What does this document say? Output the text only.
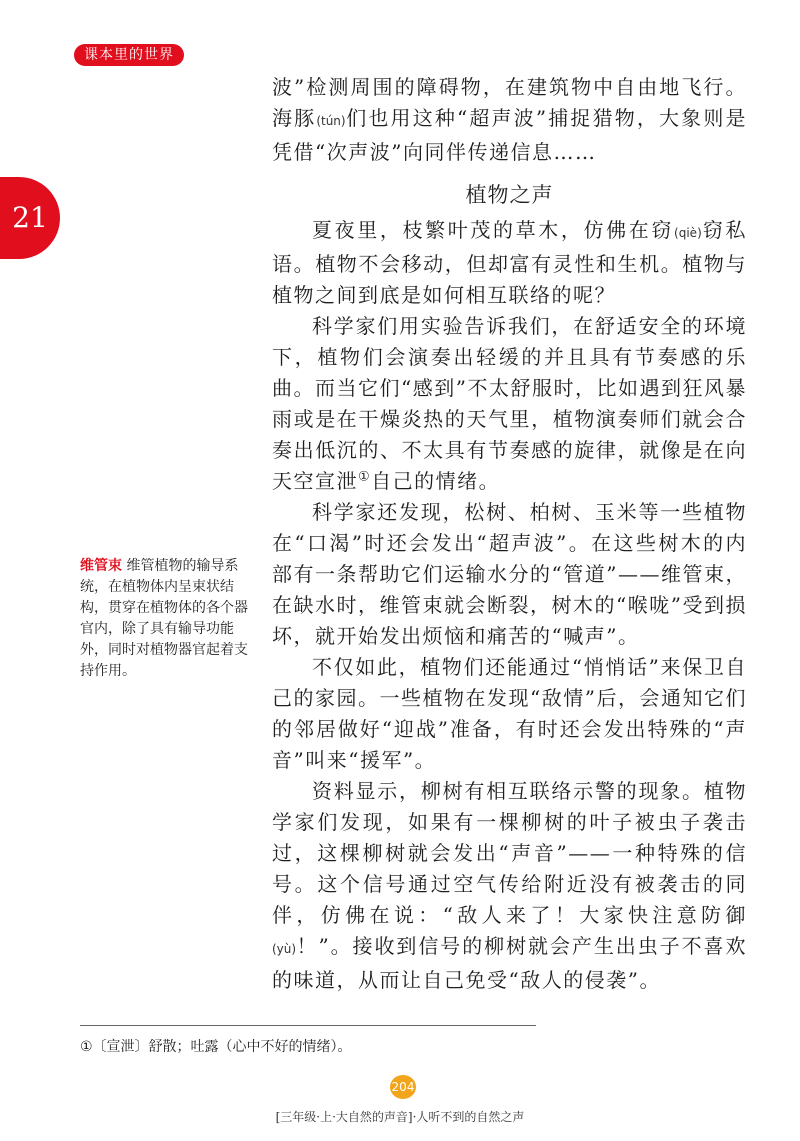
课本里的世界
21

波”检测周围的障碍物，在建筑物中自由地飞行。海豚(tún)们也用这种“超声波”捕捉猎物，大象则是凭借“次声波”向同伴传递信息……

植物之声

夏夜里，枝繁叶茂的草木，仿佛在窃(qiè)窃私语。植物不会移动，但却富有灵性和生机。植物与植物之间到底是如何相互联络的呢？

科学家们用实验告诉我们，在舒适安全的环境下，植物们会演奏出轻缓的并且具有节奏感的乐曲。而当它们“感到”不太舒服时，比如遇到狂风暴雨或是在干燥炎热的天气里，植物演奏师们就会合奏出低沉的、不太具有节奏感的旋律，就像是在向天空宣泄①自己的情绪。

科学家还发现，松树、柏树、玉米等一些植物在“口渴”时还会发出“超声波”。在这些树木的内部有一条帮助它们运输水分的“管道”——维管束，在缺水时，维管束就会断裂，树木的“喉咙”受到损坏，就开始发出烦恼和痛苦的“喊声”。

不仅如此，植物们还能通过“悄悄话”来保卫自己的家园。一些植物在发现“敌情”后，会通知它们的邻居做好“迎战”准备，有时还会发出特殊的“声音”叫来“援军”。

资料显示，柳树有相互联络示警的现象。植物学家们发现，如果有一棵柳树的叶子被虫子袭击过，这棵柳树就会发出“声音”——一种特殊的信号。这个信号通过空气传给附近没有被袭击的同伴，仿佛在说：“敌人来了！大家快注意防御(yù)！”。接收到信号的柳树就会产生出虫子不喜欢的味道，从而让自己免受“敌人的侵袭”。

维管束 维管植物的输导系统，在植物体内呈束状结构，贯穿在植物体的各个器官内，除了具有输导功能外，同时对植物器官起着支持作用。
①〔宣泄〕舒散；吐露（心中不好的情绪）。
204
[三年级·上·大自然的声音]·人听不到的自然之声
